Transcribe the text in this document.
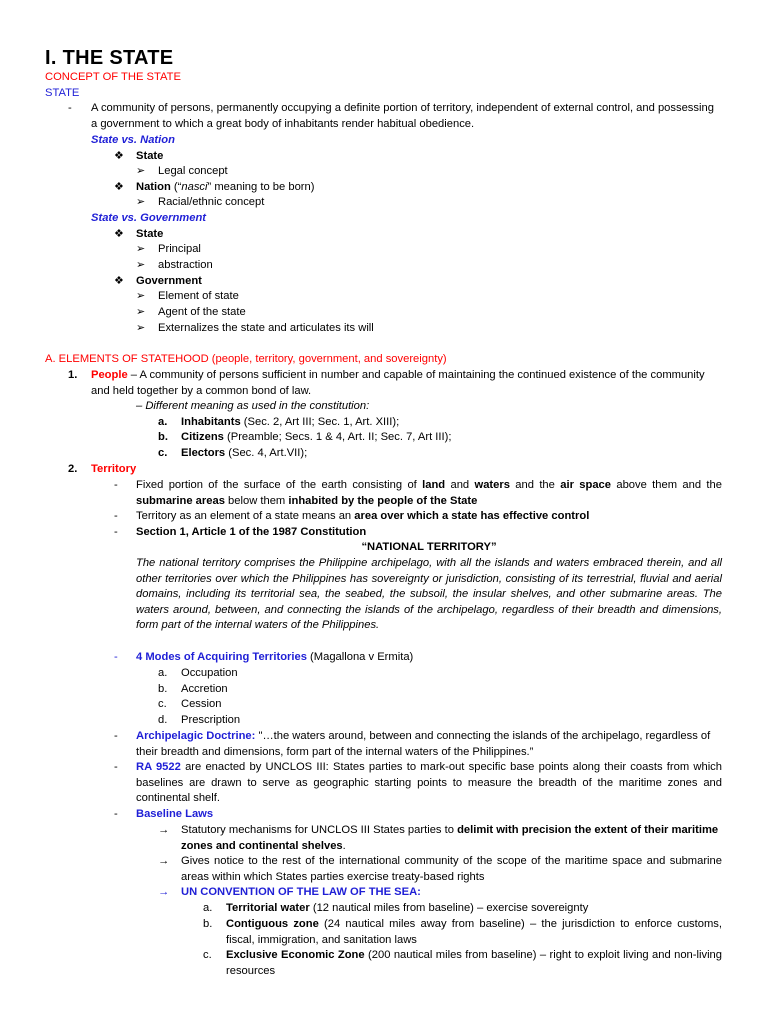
I. THE STATE
CONCEPT OF THE STATE
STATE
- A community of persons, permanently occupying a definite portion of territory, independent of external control, and possessing a government to which a great body of inhabitants render habitual obedience.
State vs. Nation
❖ State
➢ Legal concept
❖ Nation (“nasci” meaning to be born)
➢ Racial/ethnic concept
State vs. Government
❖ State
➢ Principal
➢ abstraction
❖ Government
➢ Element of state
➢ Agent of the state
➢ Externalizes the state and articulates its will
A. ELEMENTS OF STATEHOOD (people, territory, government, and sovereignty)
1. People – A community of persons sufficient in number and capable of maintaining the continued existence of the community and held together by a common bond of law.
– Different meaning as used in the constitution:
a. Inhabitants (Sec. 2, Art III; Sec. 1, Art. XIII);
b. Citizens (Preamble; Secs. 1 & 4, Art. II; Sec. 7, Art III);
c. Electors (Sec. 4, Art.VII);
2. Territory
- Fixed portion of the surface of the earth consisting of land and waters and the air space above them and the submarine areas below them inhabited by the people of the State
- Territory as an element of a state means an area over which a state has effective control
- Section 1, Article 1 of the 1987 Constitution
“NATIONAL TERRITORY”
The national territory comprises the Philippine archipelago, with all the islands and waters embraced therein, and all other territories over which the Philippines has sovereignty or jurisdiction, consisting of its terrestrial, fluvial and aerial domains, including its territorial sea, the seabed, the subsoil, the insular shelves, and other submarine areas. The waters around, between, and connecting the islands of the archipelago, regardless of their breadth and dimensions, form part of the internal waters of the Philippines.
- 4 Modes of Acquiring Territories (Magallona v Ermita)
a. Occupation
b. Accretion
c. Cession
d. Prescription
- Archipelagic Doctrine: "…the waters around, between and connecting the islands of the archipelago, regardless of their breadth and dimensions, form part of the internal waters of the Philippines.”
- RA 9522 are enacted by UNCLOS III: States parties to mark-out specific base points along their coasts from which baselines are drawn to serve as geographic starting points to measure the breadth of the maritime zones and continental shelf.
- Baseline Laws
→ Statutory mechanisms for UNCLOS III States parties to delimit with precision the extent of their maritime zones and continental shelves.
→ Gives notice to the rest of the international community of the scope of the maritime space and submarine areas within which States parties exercise treaty-based rights
→ UN CONVENTION OF THE LAW OF THE SEA:
a. Territorial water (12 nautical miles from baseline) – exercise sovereignty
b. Contiguous zone (24 nautical miles away from baseline) – the jurisdiction to enforce customs, fiscal, immigration, and sanitation laws
c. Exclusive Economic Zone (200 nautical miles from baseline) – right to exploit living and non-living resources
